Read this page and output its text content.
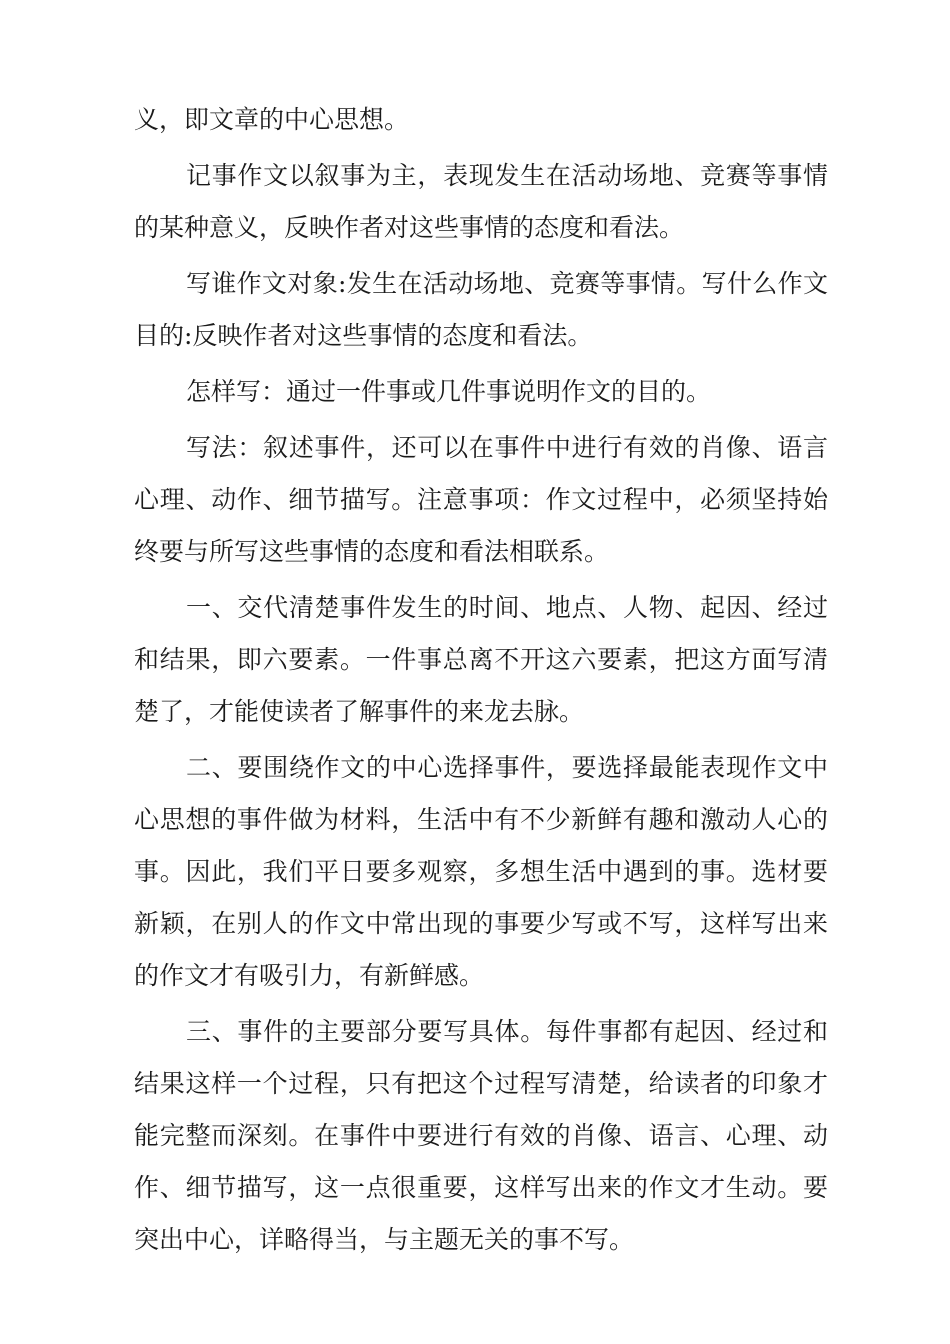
义，即文章的中心思想。

记事作文以叙事为主，表现发生在活动场地、竞赛等事情的某种意义，反映作者对这些事情的态度和看法。

写谁作文对象:发生在活动场地、竞赛等事情。写什么作文目的:反映作者对这些事情的态度和看法。

怎样写：通过一件事或几件事说明作文的目的。

写法：叙述事件，还可以在事件中进行有效的肖像、语言心理、动作、细节描写。注意事项：作文过程中，必须坚持始终要与所写这些事情的态度和看法相联系。

一、交代清楚事件发生的时间、地点、人物、起因、经过和结果，即六要素。一件事总离不开这六要素，把这方面写清楚了，才能使读者了解事件的来龙去脉。

二、要围绕作文的中心选择事件，要选择最能表现作文中心思想的事件做为材料，生活中有不少新鲜有趣和激动人心的事。因此，我们平日要多观察，多想生活中遇到的事。选材要新颖，在别人的作文中常出现的事要少写或不写，这样写出来的作文才有吸引力，有新鲜感。

三、事件的主要部分要写具体。每件事都有起因、经过和结果这样一个过程，只有把这个过程写清楚，给读者的印象才能完整而深刻。在事件中要进行有效的肖像、语言、心理、动作、细节描写，这一点很重要，这样写出来的作文才生动。要突出中心，详略得当，与主题无关的事不写。
